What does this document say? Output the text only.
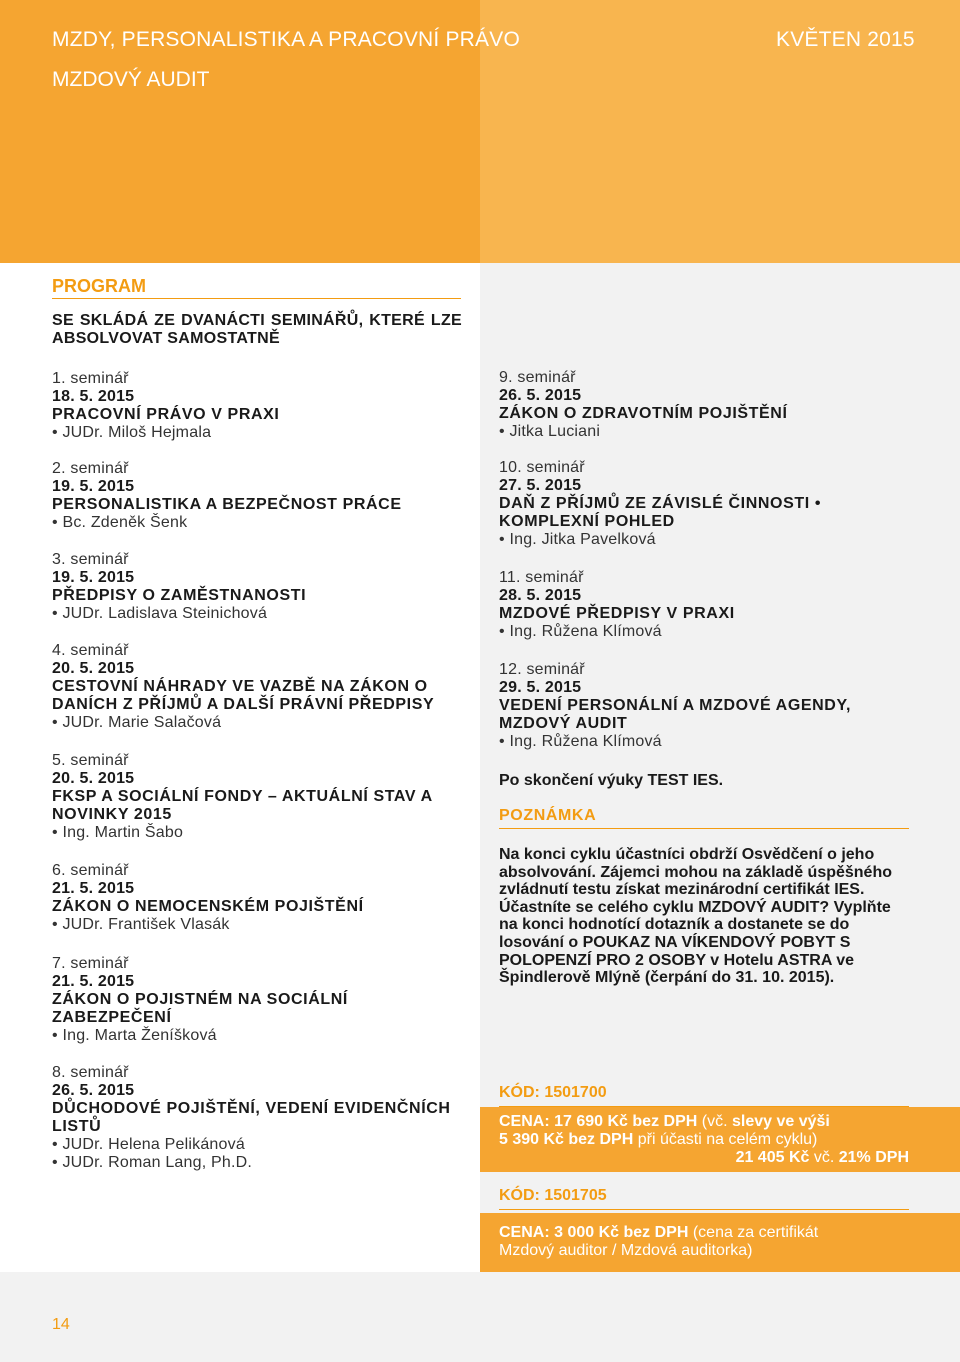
MZDY, PERSONALISTIKA A PRACOVNÍ PRÁVO	KVĚTEN 2015
MZDOVÝ AUDIT
PROGRAM
SE SKLÁDÁ ZE DVANÁCTI SEMINÁŘŮ, KTERÉ LZE ABSOLVOVAT SAMOSTATNĚ
1. seminář
18. 5. 2015
PRACOVNÍ PRÁVO V PRAXI
• JUDr. Miloš Hejmala
2. seminář
19. 5. 2015
PERSONALISTIKA A BEZPEČNOST PRÁCE
• Bc. Zdeněk Šenk
3. seminář
19. 5. 2015
PŘEDPISY O ZAMĚSTNANOSTI
• JUDr. Ladislava Steinichová
4. seminář
20. 5. 2015
CESTOVNÍ NÁHRADY VE VAZBĚ NA ZÁKON O DANÍCH Z PŘÍJMŮ A DALŠÍ PRÁVNÍ PŘEDPISY
• JUDr. Marie Salačová
5. seminář
20. 5. 2015
FKSP A SOCIÁLNÍ FONDY – AKTUÁLNÍ STAV A NOVINKY 2015
• Ing. Martin Šabo
6. seminář
21. 5. 2015
ZÁKON O NEMOCENSKÉM POJIŠTĚNÍ
• JUDr. František Vlasák
7. seminář
21. 5. 2015
ZÁKON O POJISTNÉM NA SOCIÁLNÍ ZABEZPEČENÍ
• Ing. Marta Ženíšková
8. seminář
26. 5. 2015
DŮCHODOVÉ POJIŠTĚNÍ, VEDENÍ EVIDENČNÍCH LISTŮ
• JUDr. Helena Pelikánová
• JUDr. Roman Lang, Ph.D.
9. seminář
26. 5. 2015
ZÁKON O ZDRAVOTNÍM POJIŠTĚNÍ
• Jitka Luciani
10. seminář
27. 5. 2015
DAŇ Z PŘÍJMŮ ZE ZÁVISLÉ ČINNOSTI • KOMPLEXNÍ POHLED
• Ing. Jitka Pavelková
11. seminář
28. 5. 2015
MZDOVÉ PŘEDPISY V PRAXI
• Ing. Růžena Klímová
12. seminář
29. 5. 2015
VEDENÍ PERSONÁLNÍ A MZDOVÉ AGENDY, MZDOVÝ AUDIT
• Ing. Růžena Klímová
Po skončení výuky TEST IES.
POZNÁMKA
Na konci cyklu účastníci obdrží Osvědčení o jeho absolvování. Zájemci mohou na základě úspěšného zvládnutí testu získat mezinárodní certifikát IES. Účastníte se celého cyklu MZDOVÝ AUDIT? Vyplňte na konci hodnotící dotazník a dostanete se do losování o POUKAZ NA VÍKENDOVÝ POBYT S POLOPENZÍ PRO 2 OSOBY v Hotelu ASTRA ve Špindlerově Mlýně (čerpání do 31. 10. 2015).
KÓD: 1501700
CENA: 17 690 Kč bez DPH (vč. slevy ve výši
5 390 Kč bez DPH při účasti na celém cyklu)
21 405 Kč vč. 21% DPH
KÓD: 1501705
CENA: 3 000 Kč bez DPH (cena za certifikát
Mzdový auditor / Mzdová auditorka)
14
